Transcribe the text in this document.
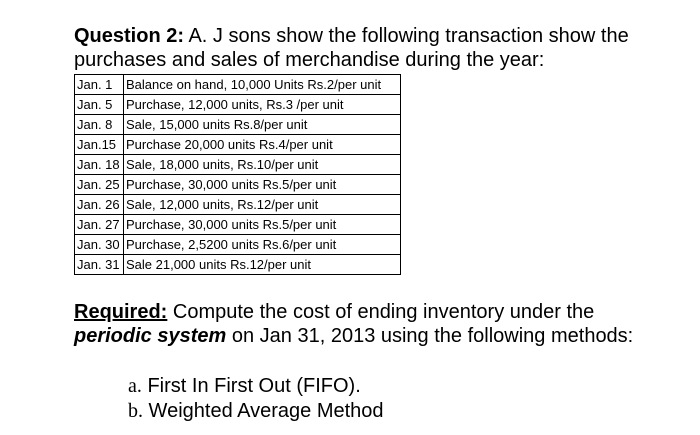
Question 2: A. J sons show the following transaction show the purchases and sales of merchandise during the year:
Jan. 1	Balance on hand, 10,000 Units Rs.2/per unit
Jan. 5	Purchase, 12,000 units, Rs.3 /per unit
Jan. 8	Sale, 15,000 units Rs.8/per unit
Jan.15	Purchase 20,000 units Rs.4/per unit
Jan. 18	Sale, 18,000 units, Rs.10/per unit
Jan. 25	Purchase, 30,000 units Rs.5/per unit
Jan. 26	Sale, 12,000 units, Rs.12/per unit
Jan. 27	Purchase, 30,000 units Rs.5/per unit
Jan. 30	Purchase, 2,5200 units Rs.6/per unit
Jan. 31	Sale 21,000 units Rs.12/per unit
Required: Compute the cost of ending inventory under the periodic system on Jan 31, 2013 using the following methods:
a. First In First Out (FIFO).
b. Weighted Average Method
